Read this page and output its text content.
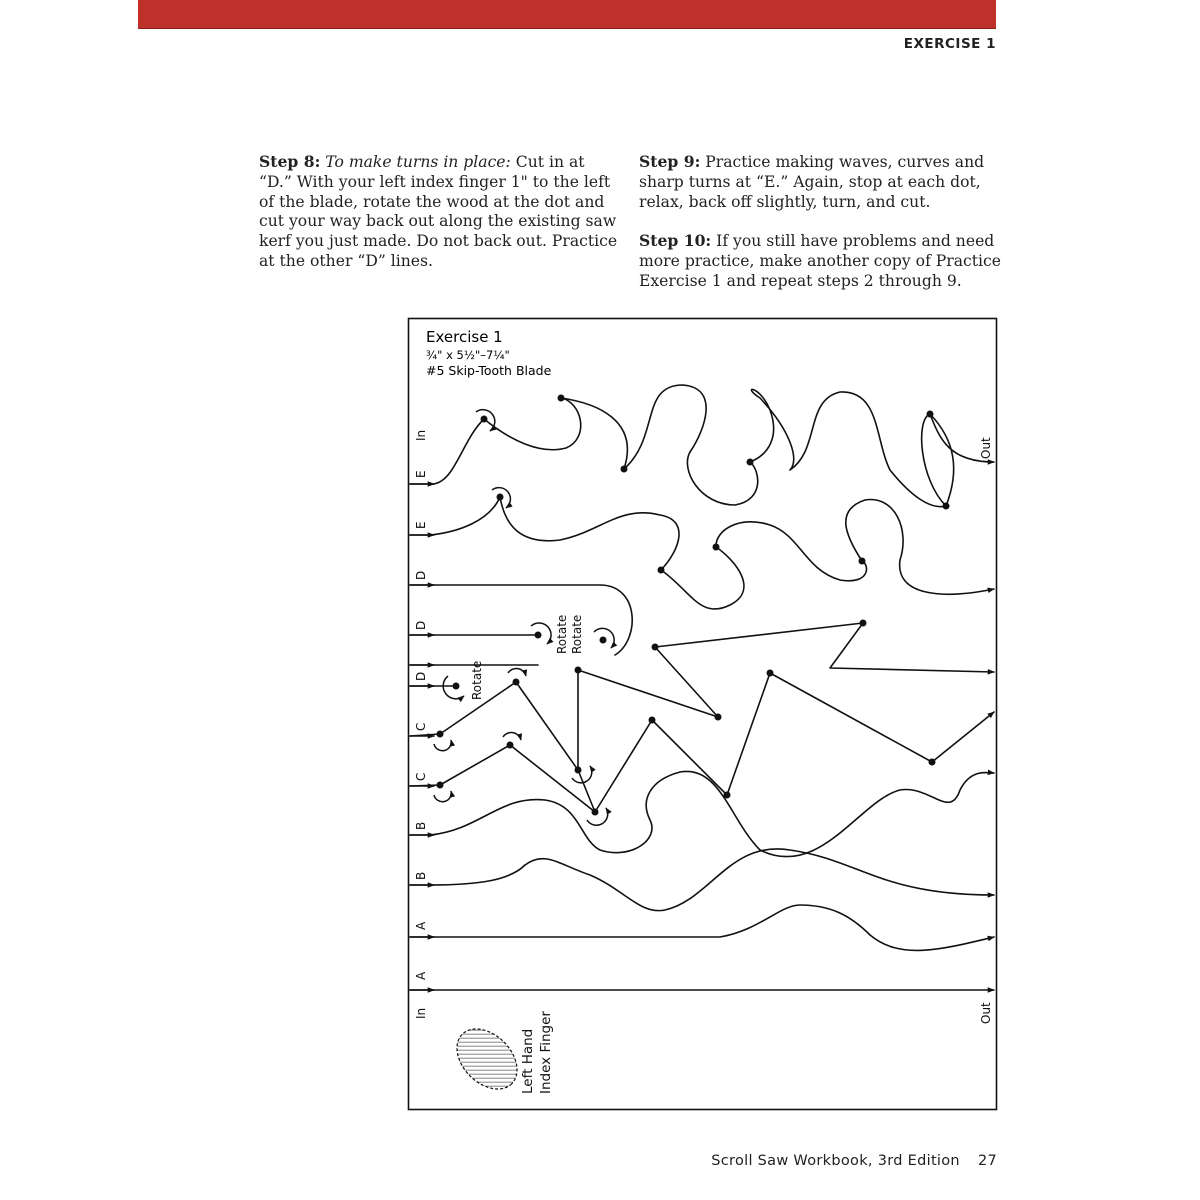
EXERCISE 1

Step 8: To make turns in place: Cut in at “D.” With your left index finger 1" to the left of the blade, rotate the wood at the dot and cut your way back out along the existing saw kerf you just made. Do not back out. Practice at the other “D” lines.

Step 9: Practice making waves, curves and sharp turns at “E.” Again, stop at each dot, relax, back off slightly, turn, and cut.

Step 10: If you still have problems and need more practice, make another copy of Practice Exercise 1 and repeat steps 2 through 9.

Exercise 1
¾" x 5½"–7¼"
#5 Skip-Tooth Blade
In
E
E
D
D
D
C
C
B
B
A
A
In
Out
Out
Rotate Rotate
Rotate
Left Hand Index Finger
Scroll Saw Workbook, 3rd Edition 27
